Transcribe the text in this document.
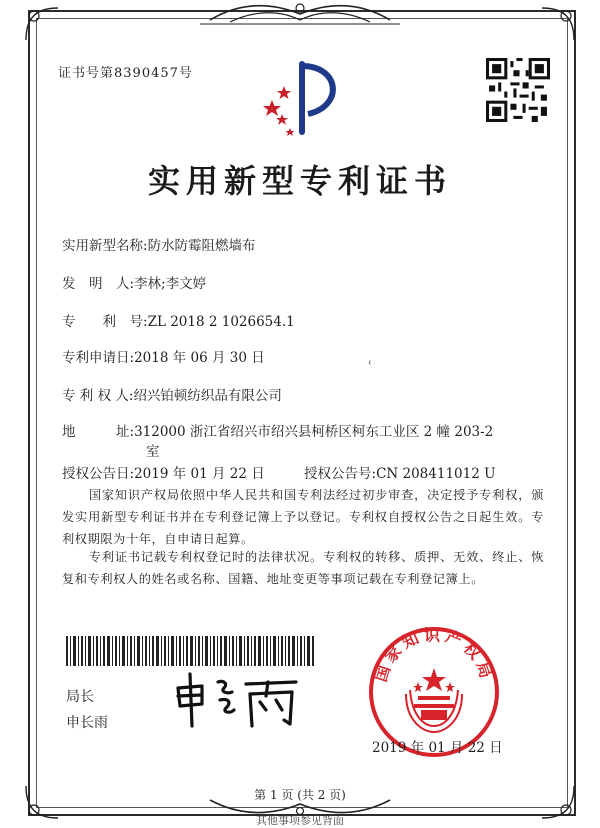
证书号第8390457号
实用新型专利证书
实用新型名称:防水防霉阻燃墙布
发　明　人:李林;李文婷
专　　利　号:ZL 2018 2 1026654.1
专利申请日:2018 年 06 月 30 日	˓
专 利 权 人:绍兴铂顿纺织品有限公司
地　　　址:312000 浙江省绍兴市绍兴县柯桥区柯东工业区 2 幢 203-2
室
授权公告日:2019 年 01 月 22 日	授权公告号:CN 208411012 U
国家知识产权局依照中华人民共和国专利法经过初步审查，决定授予专利权，颁发实用新型专利证书并在专利登记簿上予以登记。专利权自授权公告之日起生效。专利权期限为十年，自申请日起算。
专利证书记载专利权登记时的法律状况。专利权的转移、质押、无效、终止、恢复和专利权人的姓名或名称、国籍、地址变更等事项记载在专利登记簿上。
局长
申长雨
国家知识产权局
2019 年 01 月 22 日
第 1 页 (共 2 页)
其他事项参见背面
